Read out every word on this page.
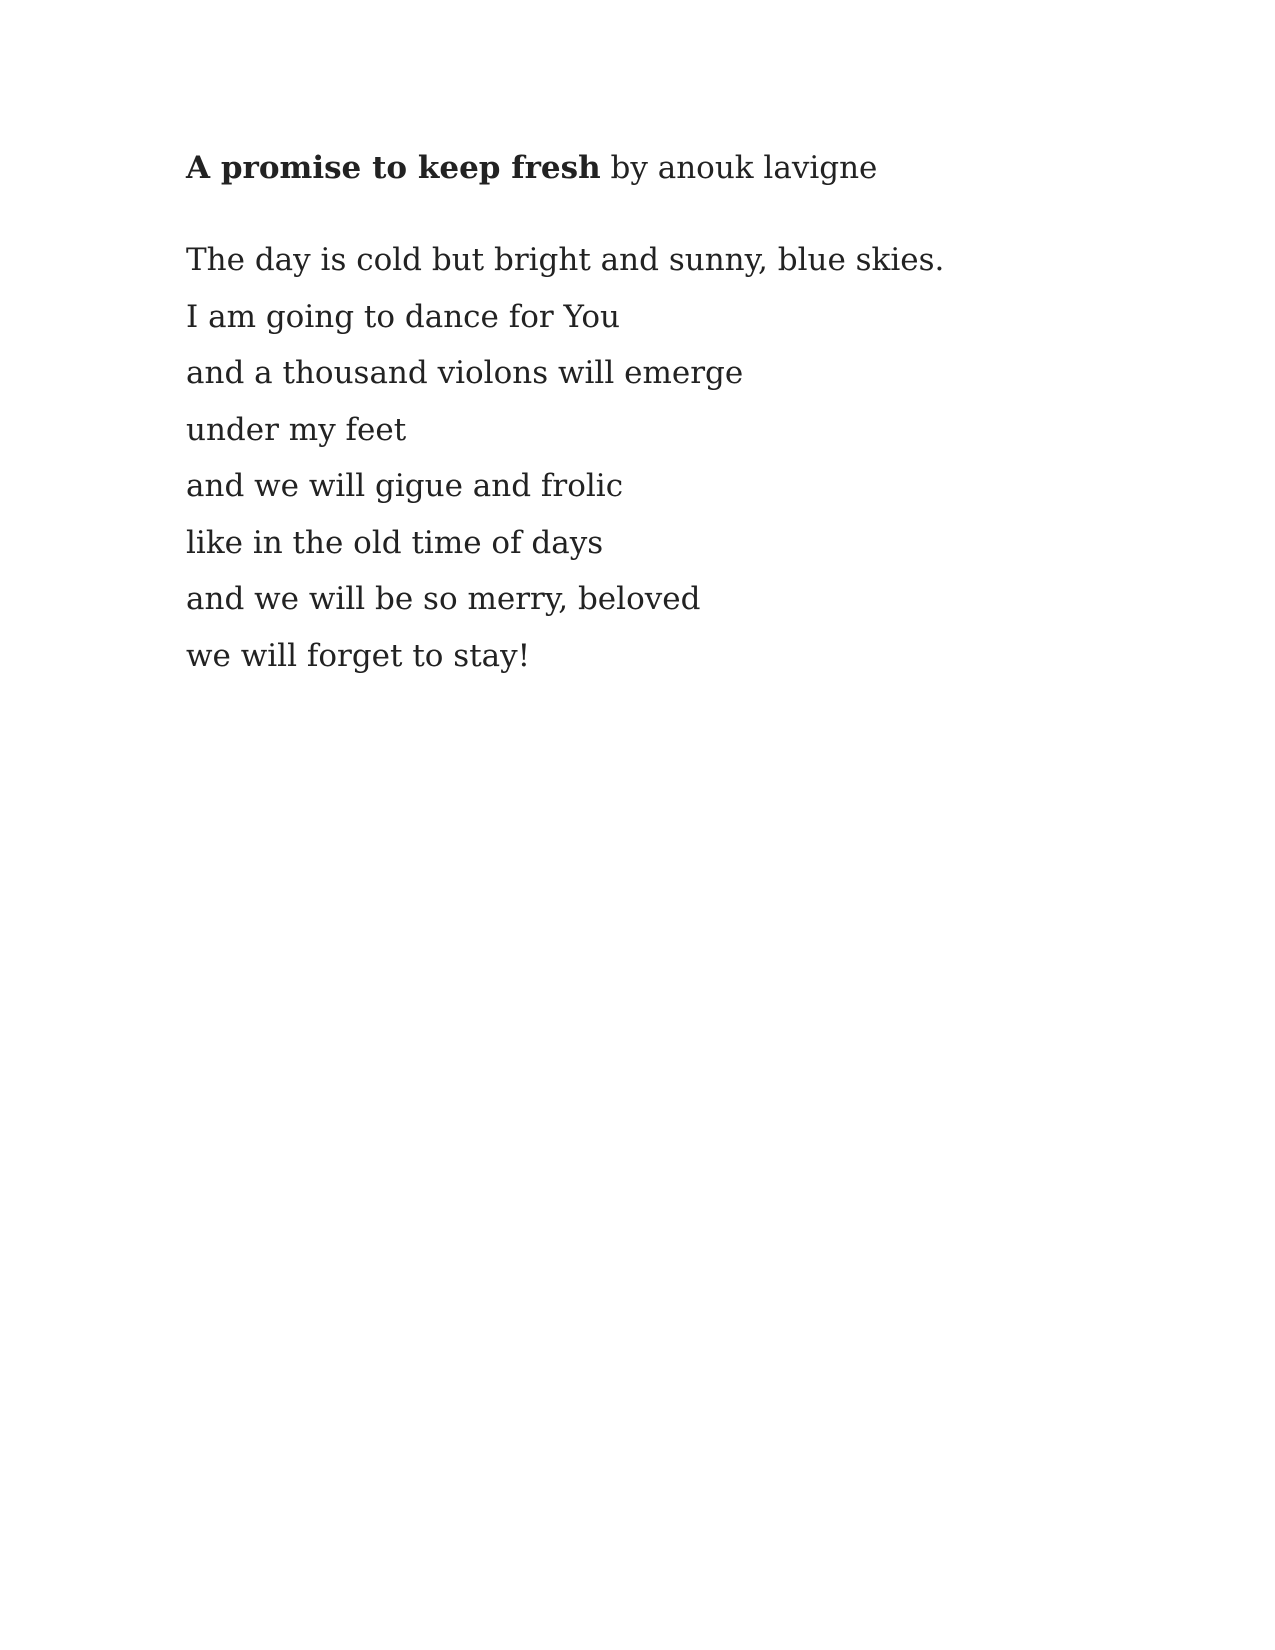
A promise to keep fresh by anouk lavigne
The day is cold but bright and sunny, blue skies.
I am going to dance for You
and a thousand violons will emerge
under my feet
and we will gigue and frolic
like in the old time of days
and we will be so merry, beloved
we will forget to stay!
